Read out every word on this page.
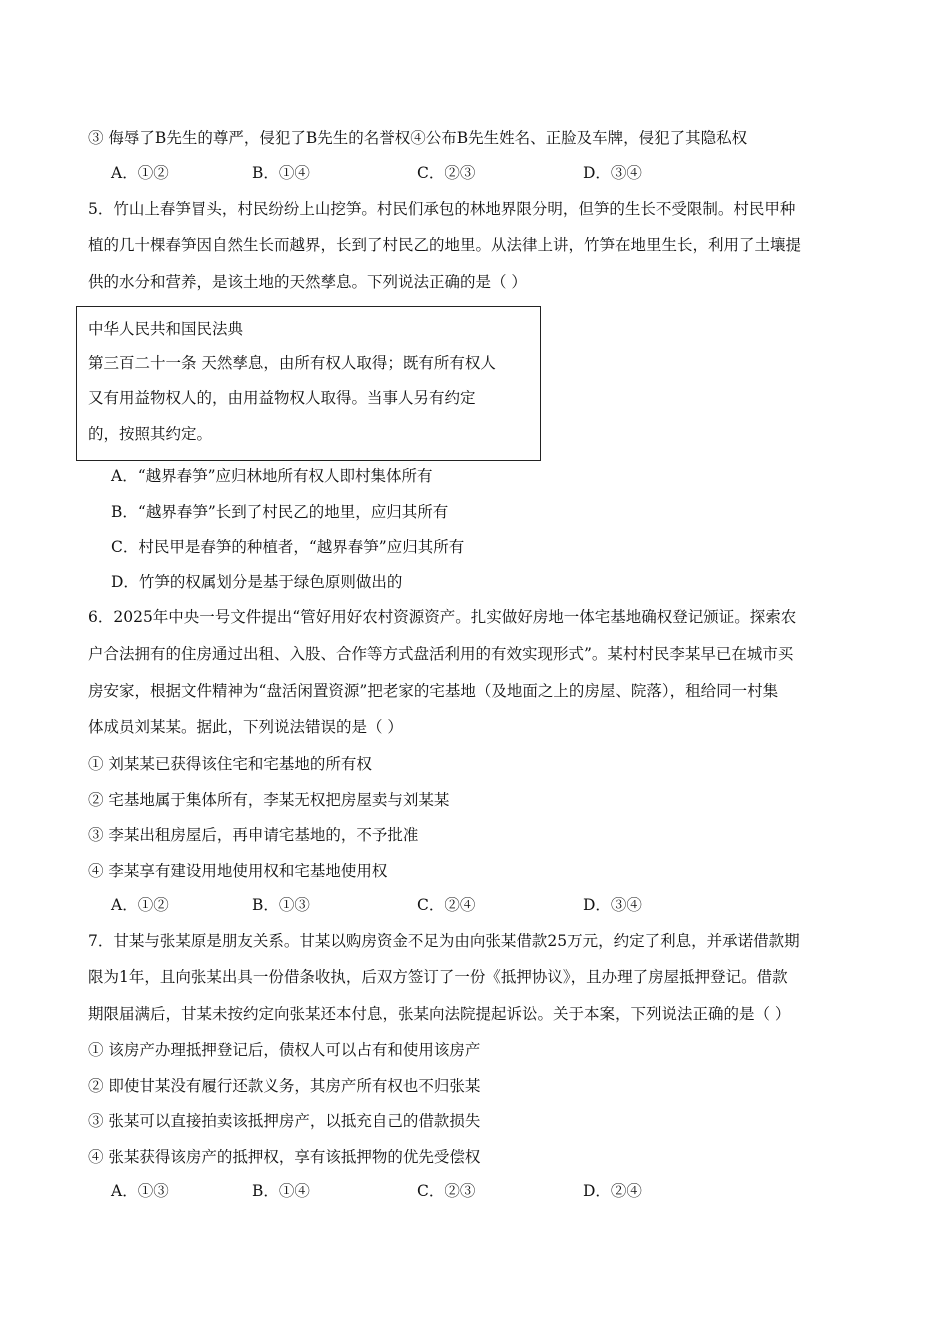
③ 侮辱了B先生的尊严，侵犯了B先生的名誉权④公布B先生姓名、正脸及车牌，侵犯了其隐私权
A．①②	B．①④	C．②③	D．③④
5．竹山上春笋冒头，村民纷纷上山挖笋。村民们承包的林地界限分明，但笋的生长不受限制。村民甲种
植的几十棵春笋因自然生长而越界，长到了村民乙的地里。从法律上讲，竹笋在地里生长，利用了土壤提
供的水分和营养，是该土地的天然孳息。下列说法正确的是（ ）
中华人民共和国民法典
第三百二十一条 天然孳息，由所有权人取得；既有所有权人
又有用益物权人的，由用益物权人取得。当事人另有约定
的，按照其约定。
A．“越界春笋”应归林地所有权人即村集体所有
B．“越界春笋”长到了村民乙的地里，应归其所有
C．村民甲是春笋的种植者，“越界春笋”应归其所有
D．竹笋的权属划分是基于绿色原则做出的
6．2025年中央一号文件提出“管好用好农村资源资产。扎实做好房地一体宅基地确权登记颁证。探索农
户合法拥有的住房通过出租、入股、合作等方式盘活利用的有效实现形式”。某村村民李某早已在城市买
房安家，根据文件精神为“盘活闲置资源”把老家的宅基地（及地面之上的房屋、院落），租给同一村集
体成员刘某某。据此，下列说法错误的是（ ）
① 刘某某已获得该住宅和宅基地的所有权
② 宅基地属于集体所有，李某无权把房屋卖与刘某某
③ 李某出租房屋后，再申请宅基地的，不予批准
④ 李某享有建设用地使用权和宅基地使用权
A．①②	B．①③	C．②④	D．③④
7．甘某与张某原是朋友关系。甘某以购房资金不足为由向张某借款25万元，约定了利息，并承诺借款期
限为1年，且向张某出具一份借条收执，后双方签订了一份《抵押协议》，且办理了房屋抵押登记。借款
期限届满后，甘某未按约定向张某还本付息，张某向法院提起诉讼。关于本案，下列说法正确的是（ ）
① 该房产办理抵押登记后，债权人可以占有和使用该房产
② 即使甘某没有履行还款义务，其房产所有权也不归张某
③ 张某可以直接拍卖该抵押房产，以抵充自己的借款损失
④ 张某获得该房产的抵押权，享有该抵押物的优先受偿权
A．①③	B．①④	C．②③	D．②④
